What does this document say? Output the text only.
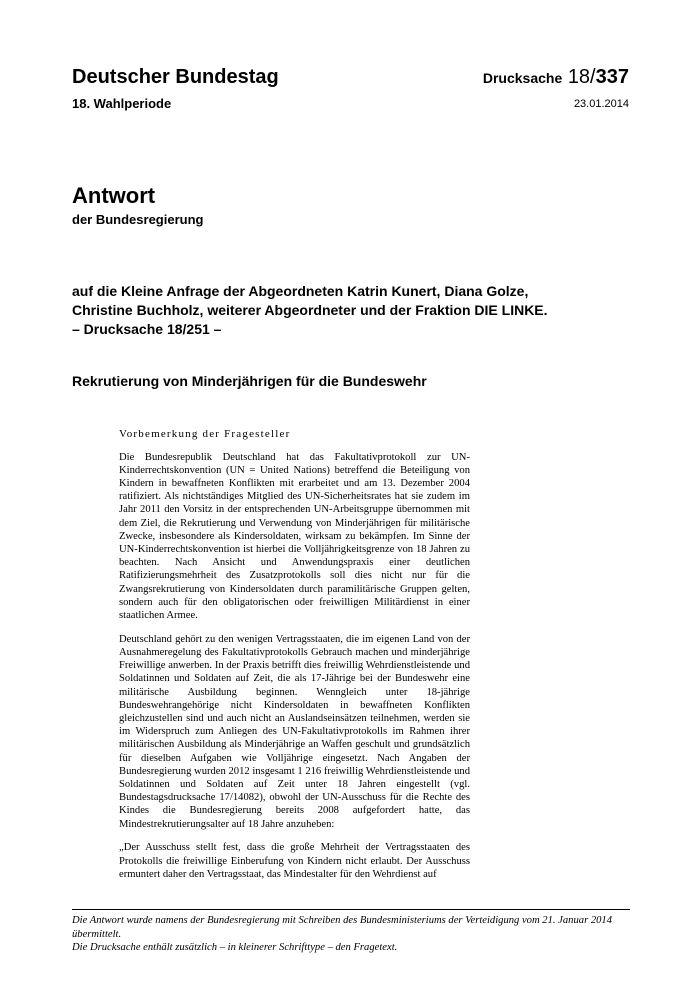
Deutscher Bundestag
18. Wahlperiode
Drucksache 18/337
23.01.2014
Antwort
der Bundesregierung
auf die Kleine Anfrage der Abgeordneten Katrin Kunert, Diana Golze,
Christine Buchholz, weiterer Abgeordneter und der Fraktion DIE LINKE.
– Drucksache 18/251 –
Rekrutierung von Minderjährigen für die Bundeswehr
Vorbemerkung der Fragesteller

Die Bundesrepublik Deutschland hat das Fakultativprotokoll zur UN-Kinderrechtskonvention (UN = United Nations) betreffend die Beteiligung von Kindern in bewaffneten Konflikten mit erarbeitet und am 13. Dezember 2004 ratifiziert. Als nichtständiges Mitglied des UN-Sicherheitsrates hat sie zudem im Jahr 2011 den Vorsitz in der entsprechenden UN-Arbeitsgruppe übernommen mit dem Ziel, die Rekrutierung und Verwendung von Minderjährigen für militärische Zwecke, insbesondere als Kindersoldaten, wirksam zu bekämpfen. Im Sinne der UN-Kinderrechtskonvention ist hierbei die Volljährigkeitsgrenze von 18 Jahren zu beachten. Nach Ansicht und Anwendungspraxis einer deutlichen Ratifizierungsmehrheit des Zusatzprotokolls soll dies nicht nur für die Zwangsrekrutierung von Kindersoldaten durch paramilitärische Gruppen gelten, sondern auch für den obligatorischen oder freiwilligen Militärdienst in einer staatlichen Armee.

Deutschland gehört zu den wenigen Vertragsstaaten, die im eigenen Land von der Ausnahmeregelung des Fakultativprotokolls Gebrauch machen und minderjährige Freiwillige anwerben. In der Praxis betrifft dies freiwillig Wehrdienstleistende und Soldatinnen und Soldaten auf Zeit, die als 17-Jährige bei der Bundeswehr eine militärische Ausbildung beginnen. Wenngleich unter 18-jährige Bundeswehrangehörige nicht Kindersoldaten in bewaffneten Konflikten gleichzustellen sind und auch nicht an Auslandseinsätzen teilnehmen, werden sie im Widerspruch zum Anliegen des UN-Fakultativprotokolls im Rahmen ihrer militärischen Ausbildung als Minderjährige an Waffen geschult und grundsätzlich für dieselben Aufgaben wie Volljährige eingesetzt. Nach Angaben der Bundesregierung wurden 2012 insgesamt 1 216 freiwillig Wehrdienstleistende und Soldatinnen und Soldaten auf Zeit unter 18 Jahren eingestellt (vgl. Bundestagsdrucksache 17/14082), obwohl der UN-Ausschuss für die Rechte des Kindes die Bundesregierung bereits 2008 aufgefordert hatte, das Mindestrekrutierungsalter auf 18 Jahre anzuheben:

„Der Ausschuss stellt fest, dass die große Mehrheit der Vertragsstaaten des Protokolls die freiwillige Einberufung von Kindern nicht erlaubt. Der Ausschuss ermuntert daher den Vertragsstaat, das Mindestalter für den Wehrdienst auf

Die Antwort wurde namens der Bundesregierung mit Schreiben des Bundesministeriums der Verteidigung vom 21. Januar 2014 übermittelt.

Die Drucksache enthält zusätzlich – in kleinerer Schrifttype – den Fragetext.
